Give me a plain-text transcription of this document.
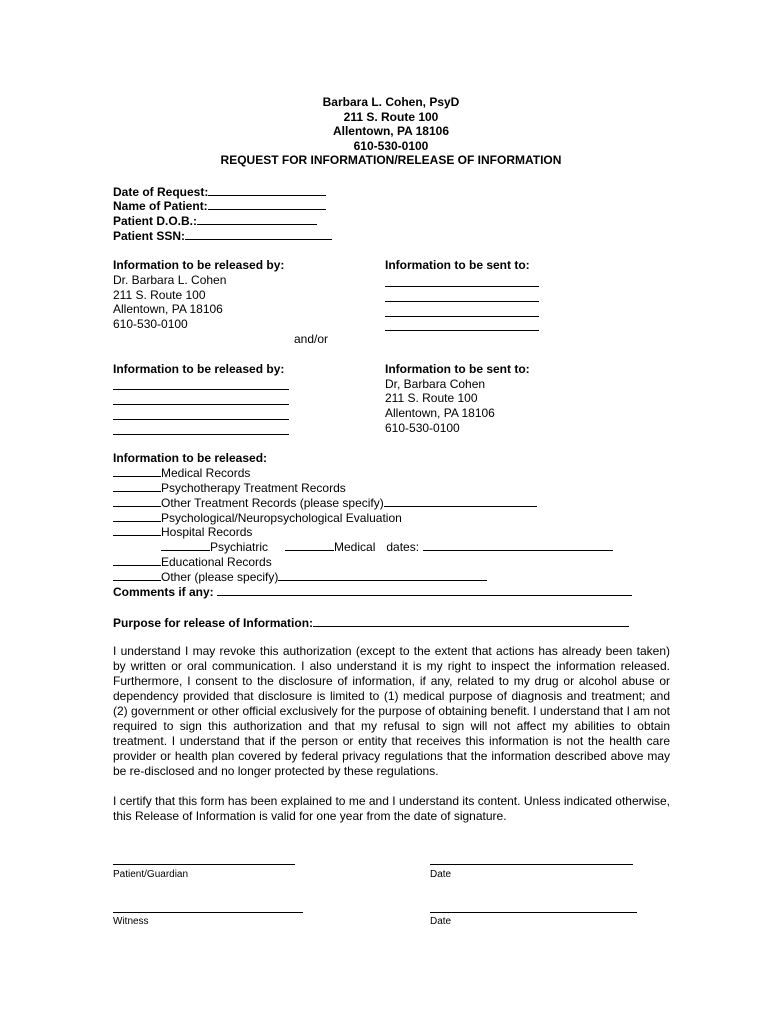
Barbara L. Cohen, PsyD
211 S. Route 100
Allentown, PA 18106
610-530-0100
REQUEST FOR INFORMATION/RELEASE OF INFORMATION
Date of Request:
Name of Patient:
Patient D.O.B.:
Patient SSN:
Information to be released by:
Dr. Barbara L. Cohen
211 S. Route 100
Allentown, PA 18106
610-530-0100
Information to be sent to:
and/or
Information to be released by:	Information to be sent to:
Dr, Barbara Cohen
211 S. Route 100
Allentown, PA 18106
610-530-0100
Information to be released:
Medical Records
Psychotherapy Treatment Records
Other Treatment Records (please specify)
Psychological/Neuropsychological Evaluation
Hospital Records
Psychiatric	Medical dates:
Educational Records
Other (please specify)
Comments if any:
Purpose for release of Information:
I understand I may revoke this authorization (except to the extent that actions has already been taken) by written or oral communication. I also understand it is my right to inspect the information released. Furthermore, I consent to the disclosure of information, if any, related to my drug or alcohol abuse or dependency provided that disclosure is limited to (1) medical purpose of diagnosis and treatment; and (2) government or other official exclusively for the purpose of obtaining benefit. I understand that I am not required to sign this authorization and that my refusal to sign will not affect my abilities to obtain treatment. I understand that if the person or entity that receives this information is not the health care provider or health plan covered by federal privacy regulations that the information described above may be re-disclosed and no longer protected by these regulations.
I certify that this form has been explained to me and I understand its content. Unless indicated otherwise, this Release of Information is valid for one year from the date of signature.
Patient/Guardian	Date
Witness	Date
